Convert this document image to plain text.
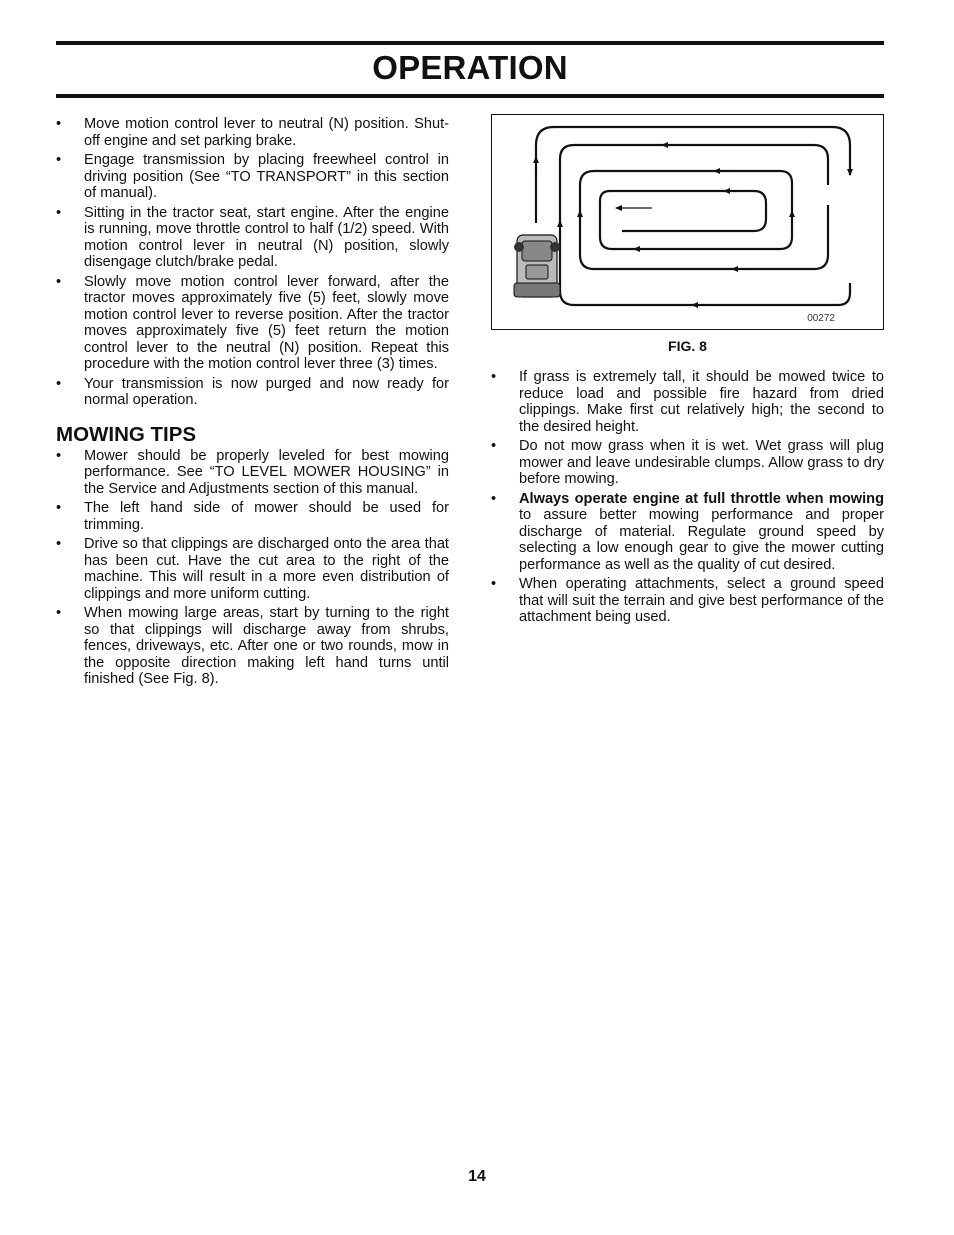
OPERATION
• Move motion control lever to neutral (N) position. Shut-off engine and set parking brake.
• Engage transmission by placing freewheel control in driving position (See “TO TRANSPORT” in this section of manual).
• Sitting in the tractor seat, start engine. After the engine is running, move throttle control to half (1/2) speed. With motion control lever in neutral (N) position, slowly disengage clutch/brake pedal.
• Slowly move motion control lever forward, after the tractor moves approximately five (5) feet, slowly move motion control lever to reverse position. After the tractor moves approximately five (5) feet return the motion control lever to the neutral (N) position. Repeat this procedure with the motion control lever three (3) times.
• Your transmission is now purged and now ready for normal operation.
MOWING TIPS
• Mower should be properly leveled for best mowing performance. See “TO LEVEL MOWER HOUSING” in the Service and Adjustments section of this manual.
• The left hand side of mower should be used for trimming.
• Drive so that clippings are discharged onto the area that has been cut. Have the cut area to the right of the machine. This will result in a more even distribution of clippings and more uniform cutting.
• When mowing large areas, start by turning to the right so that clippings will discharge away from shrubs, fences, driveways, etc. After one or two rounds, mow in the opposite direction making left hand turns until finished (See Fig. 8).
00272
FIG. 8
• If grass is extremely tall, it should be mowed twice to reduce load and possible fire hazard from dried clippings. Make first cut relatively high; the second to the desired height.
• Do not mow grass when it is wet. Wet grass will plug mower and leave undesirable clumps. Allow grass to dry before mowing.
• Always operate engine at full throttle when mowing to assure better mowing performance and proper discharge of material. Regulate ground speed by selecting a low enough gear to give the mower cutting performance as well as the quality of cut desired.
• When operating attachments, select a ground speed that will suit the terrain and give best performance of the attachment being used.
14
